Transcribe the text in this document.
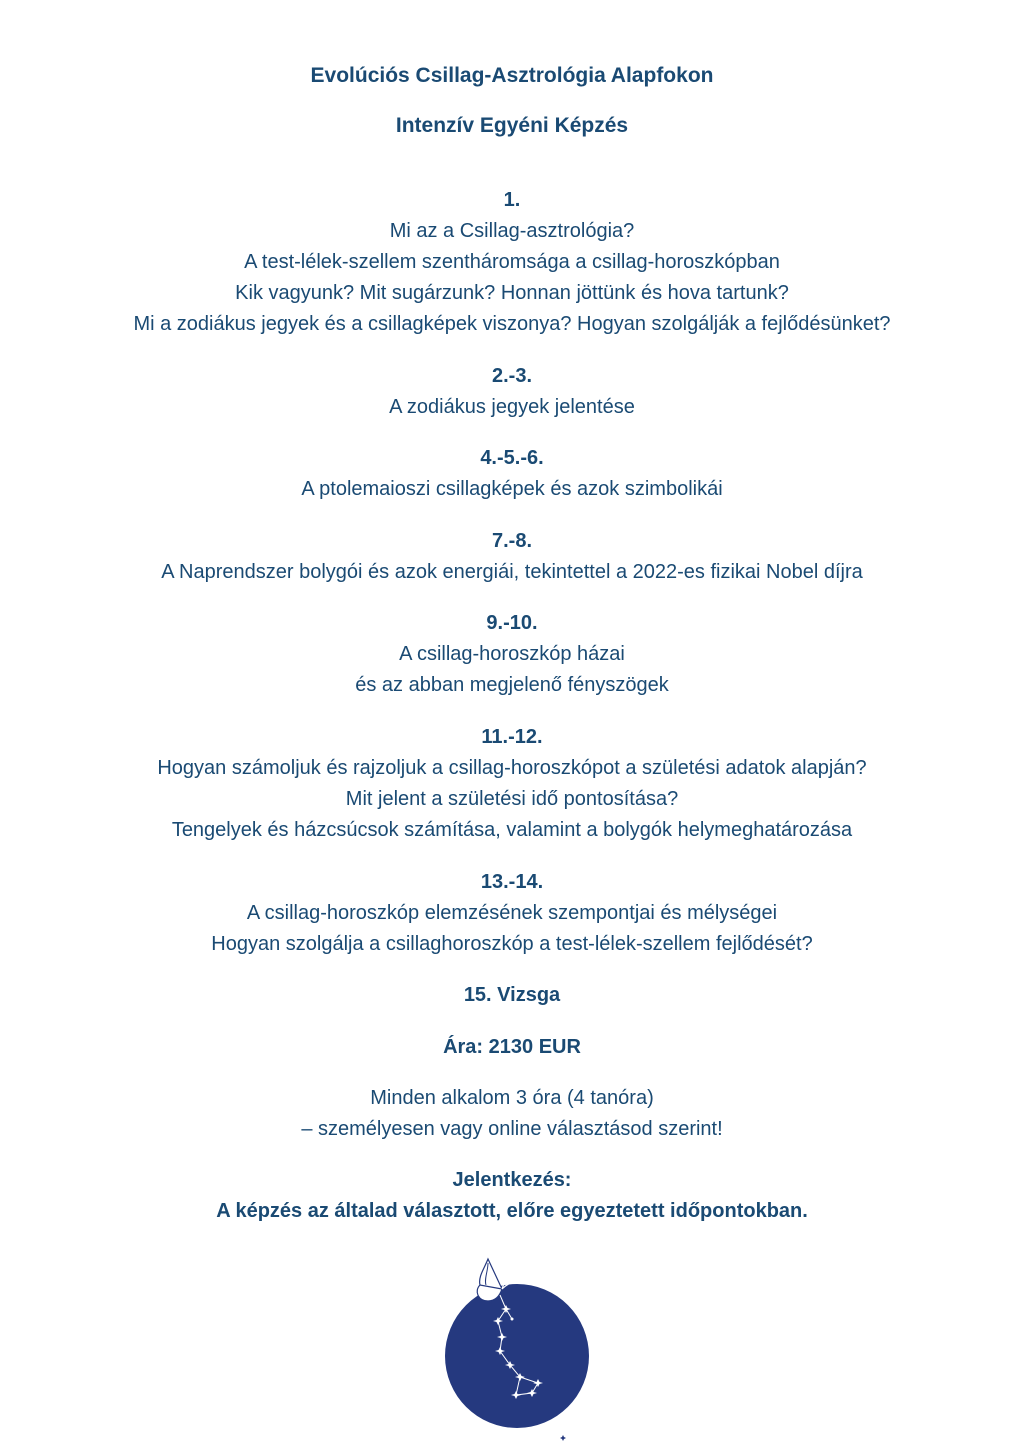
Evolúciós Csillag-Asztrológia Alapfokon
Intenzív Egyéni Képzés
1.
Mi az a Csillag-asztrológia?
A test-lélek-szellem szentháromsága a csillag-horoszkópban
Kik vagyunk? Mit sugárzunk? Honnan jöttünk és hova tartunk?
Mi a zodiákus jegyek és a csillagképek viszonya? Hogyan szolgálják a fejlődésünket?
2.-3.
A zodiákus jegyek jelentése
4.-5.-6.
A ptolemaioszi csillagképek és azok szimbolikái
7.-8.
A Naprendszer bolygói és azok energiái, tekintettel a 2022-es fizikai Nobel díjra
9.-10.
A csillag-horoszkóp házai
és az abban megjelenő fényszögek
11.-12.
Hogyan számoljuk és rajzoljuk a csillag-horoszkópot a születési adatok alapján?
Mit jelent a születési idő pontosítása?
Tengelyek és házcsúcsok számítása, valamint a bolygók helymeghatározása
13.-14.
A csillag-horoszkóp elemzésének szempontjai és mélységei
Hogyan szolgálja a csillaghoroszkóp a test-lélek-szellem fejlődését?
15. Vizsga
Ára: 2130 EUR
Minden alkalom 3 óra (4 tanóra)
– személyesen vagy online választásod szerint!
Jelentkezés:
A képzés az általad választott, előre egyeztetett időpontokban.
